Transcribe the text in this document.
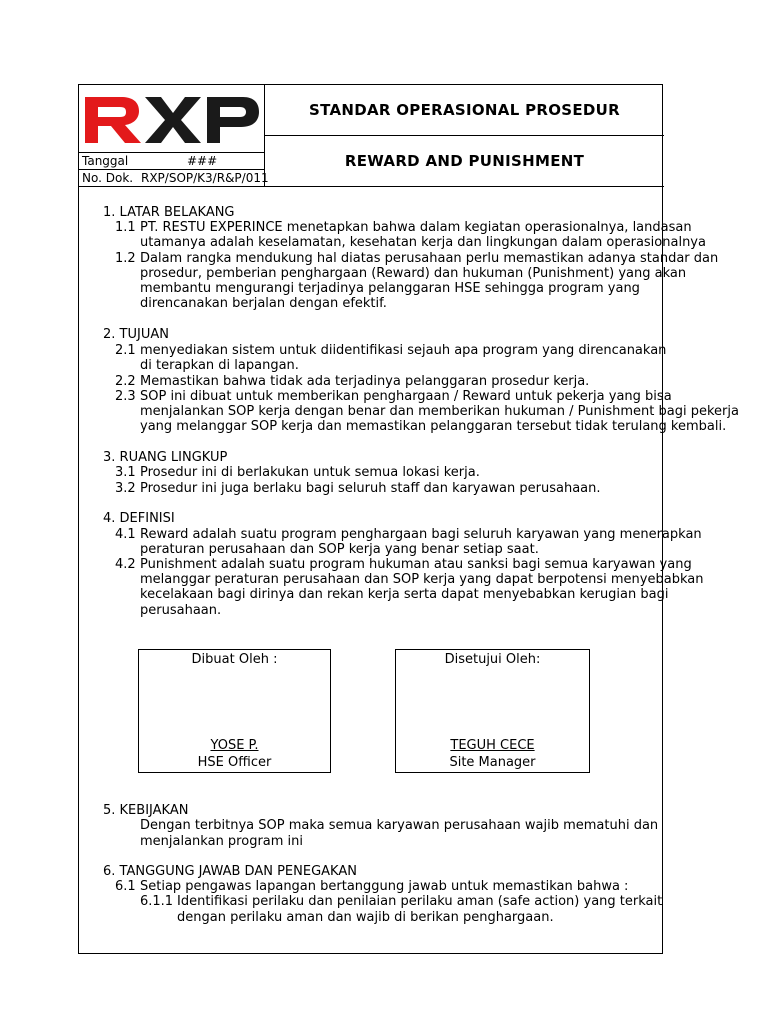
Tanggal	###
No. Dok. RXP/SOP/K3/R&P/011
STANDAR OPERASIONAL PROSEDUR
REWARD AND PUNISHMENT
1. LATAR BELAKANG
1.1 PT. RESTU EXPERINCE menetapkan bahwa dalam kegiatan operasionalnya, landasan
utamanya adalah keselamatan, kesehatan kerja dan lingkungan dalam operasionalnya
1.2 Dalam rangka mendukung hal diatas perusahaan perlu memastikan adanya standar dan
prosedur, pemberian penghargaan (Reward) dan hukuman (Punishment) yang akan
membantu mengurangi terjadinya pelanggaran HSE sehingga program yang
direncanakan berjalan dengan efektif.
2. TUJUAN
2.1 menyediakan sistem untuk diidentifikasi sejauh apa program yang direncanakan
di terapkan di lapangan.
2.2 Memastikan bahwa tidak ada terjadinya pelanggaran prosedur kerja.
2.3 SOP ini dibuat untuk memberikan penghargaan / Reward untuk pekerja yang bisa
menjalankan SOP kerja dengan benar dan memberikan hukuman / Punishment bagi pekerja
yang melanggar SOP kerja dan memastikan pelanggaran tersebut tidak terulang kembali.
3. RUANG LINGKUP
3.1 Prosedur ini di berlakukan untuk semua lokasi kerja.
3.2 Prosedur ini juga berlaku bagi seluruh staff dan karyawan perusahaan.
4. DEFINISI
4.1 Reward adalah suatu program penghargaan bagi seluruh karyawan yang menerapkan
peraturan perusahaan dan SOP kerja yang benar setiap saat.
4.2 Punishment adalah suatu program hukuman atau sanksi bagi semua karyawan yang
melanggar peraturan perusahaan dan SOP kerja yang dapat berpotensi menyebabkan
kecelakaan bagi dirinya dan rekan kerja serta dapat menyebabkan kerugian bagi
perusahaan.
Dibuat Oleh :
YOSE P.
HSE Officer
Disetujui Oleh:
TEGUH CECE
Site Manager
5. KEBIJAKAN
Dengan terbitnya SOP maka semua karyawan perusahaan wajib mematuhi dan
menjalankan program ini
6. TANGGUNG JAWAB DAN PENEGAKAN
6.1 Setiap pengawas lapangan bertanggung jawab untuk memastikan bahwa :
6.1.1 Identifikasi perilaku dan penilaian perilaku aman (safe action) yang terkait
dengan perilaku aman dan wajib di berikan penghargaan.
